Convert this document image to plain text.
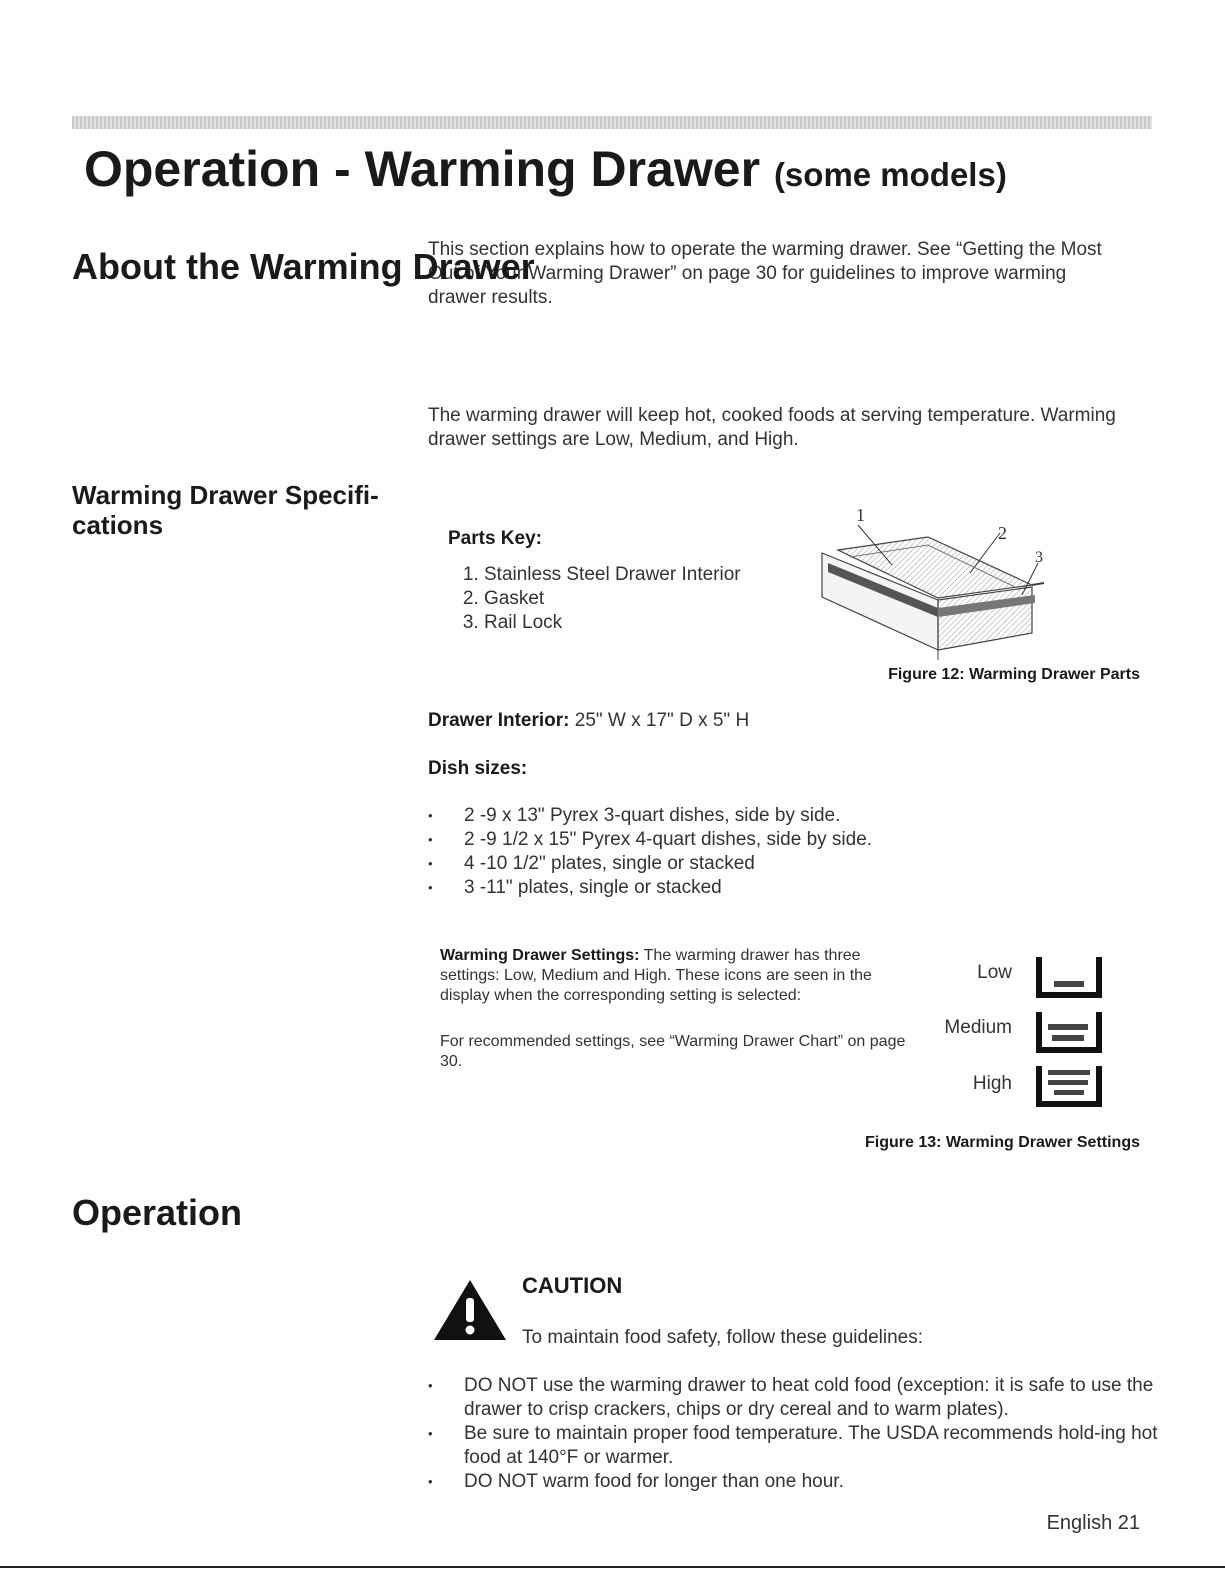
Operation - Warming Drawer (some models)
This section explains how to operate the warming drawer. See “Getting the Most Out of Your Warming Drawer” on page 30 for guidelines to improve warming drawer results.
About the Warming Drawer
The warming drawer will keep hot, cooked foods at serving temperature. Warming drawer settings are Low, Medium, and High.
Warming Drawer Specifi-cations	Parts Key:
1. Stainless Steel Drawer Interior
2. Gasket
3. Rail Lock
1
2
3
Figure 12: Warming Drawer Parts
Drawer Interior: 25" W x 17" D x 5" H
Dish sizes:
• 2 -9 x 13" Pyrex 3-quart dishes, side by side.
• 2 -9 1/2 x 15" Pyrex 4-quart dishes, side by side.
• 4 -10 1/2" plates, single or stacked
• 3 -11" plates, single or stacked
Warming Drawer Settings: The warming drawer has three settings: Low, Medium and High. These icons are seen in the display when the corresponding setting is selected:
For recommended settings, see “Warming Drawer Chart” on page 30.
Low
Medium
High
Figure 13: Warming Drawer Settings
Operation
CAUTION
To maintain food safety, follow these guidelines:
• DO NOT use the warming drawer to heat cold food (exception: it is safe to use the drawer to crisp crackers, chips or dry cereal and to warm plates).
• Be sure to maintain proper food temperature. The USDA recommends hold-ing hot food at 140°F or warmer.
• DO NOT warm food for longer than one hour.
English 21
